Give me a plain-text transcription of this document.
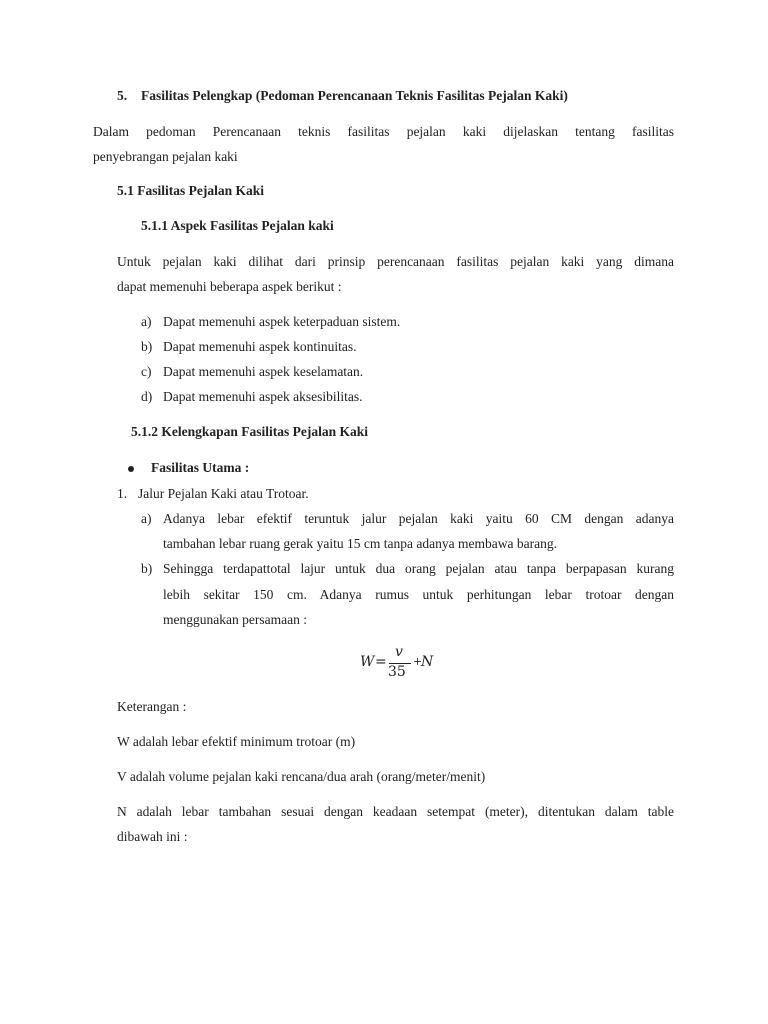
5. Fasilitas Pelengkap (Pedoman Perencanaan Teknis Fasilitas Pejalan Kaki)
Dalam pedoman Perencanaan teknis fasilitas pejalan kaki dijelaskan tentang fasilitas
penyebrangan pejalan kaki
5.1 Fasilitas Pejalan Kaki
5.1.1 Aspek Fasilitas Pejalan kaki
Untuk pejalan kaki dilihat dari prinsip perencanaan fasilitas pejalan kaki yang dimana
dapat memenuhi beberapa aspek berikut :
a) Dapat memenuhi aspek keterpaduan sistem.
b) Dapat memenuhi aspek kontinuitas.
c) Dapat memenuhi aspek keselamatan.
d) Dapat memenuhi aspek aksesibilitas.
5.1.2 Kelengkapan Fasilitas Pejalan Kaki
Fasilitas Utama :
1. Jalur Pejalan Kaki atau Trotoar.
a) Adanya lebar efektif teruntuk jalur pejalan kaki yaitu 60 CM dengan adanya
tambahan lebar ruang gerak yaitu 15 cm tanpa adanya membawa barang.
b) Sehingga terdapattotal lajur untuk dua orang pejalan atau tanpa berpapasan kurang
lebih sekitar 150 cm. Adanya rumus untuk perhitungan lebar trotoar dengan
menggunakan persamaan :
W =
v
35
+
N
Keterangan :
W adalah lebar efektif minimum trotoar (m)
V adalah volume pejalan kaki rencana/dua arah (orang/meter/menit)
N adalah lebar tambahan sesuai dengan keadaan setempat (meter), ditentukan dalam table
dibawah ini :
